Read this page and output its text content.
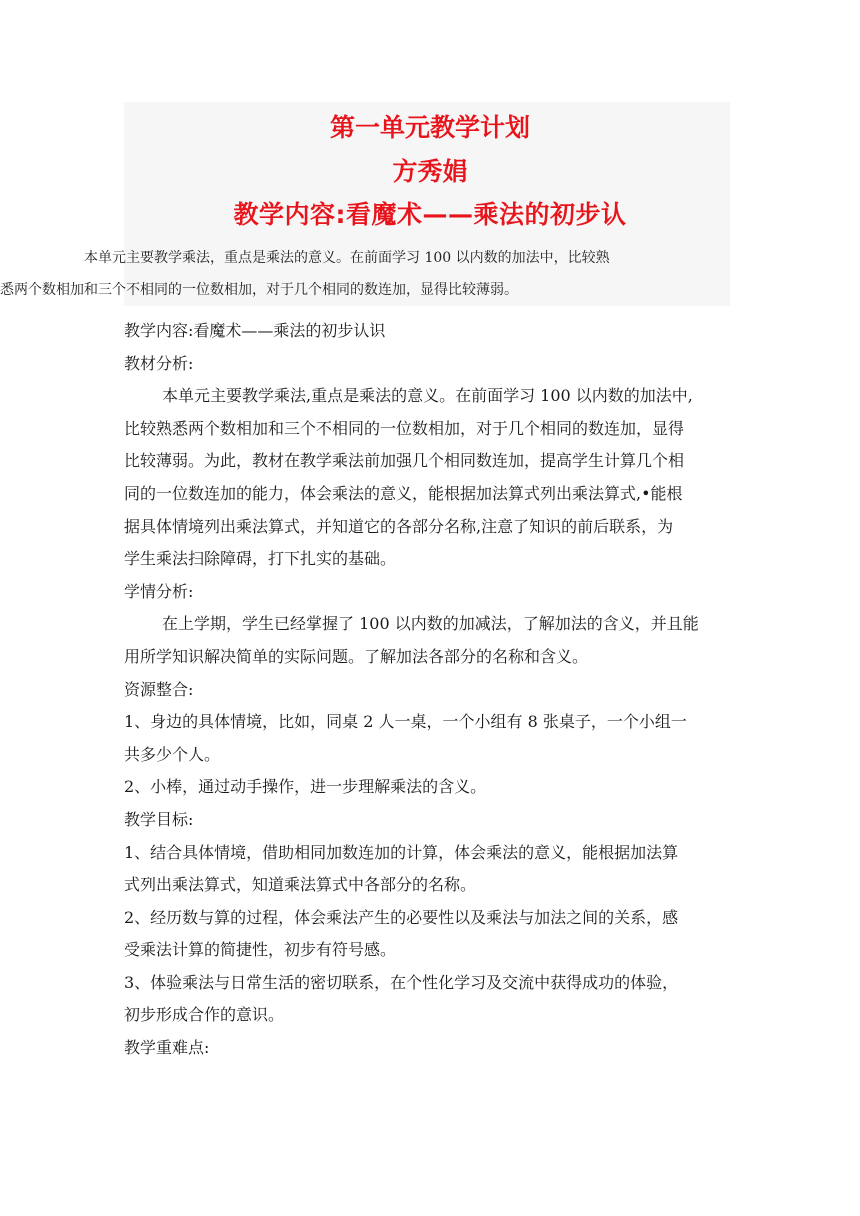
第一单元教学计划
方秀娟
教学内容:看魔术——乘法的初步认

本单元主要教学乘法，重点是乘法的意义。在前面学习 100 以内数的加法中，比较熟
悉两个数相加和三个不相同的一位数相加，对于几个相同的数连加，显得比较薄弱。

教学内容:看魔术——乘法的初步认识
教材分析:
本单元主要教学乘法,重点是乘法的意义。在前面学习 100 以内数的加法中,
比较熟悉两个数相加和三个不相同的一位数相加，对于几个相同的数连加，显得
比较薄弱。为此，教材在教学乘法前加强几个相同数连加，提高学生计算几个相
同的一位数连加的能力，体会乘法的意义，能根据加法算式列出乘法算式,•能根
据具体情境列出乘法算式，并知道它的各部分名称,注意了知识的前后联系，为
学生乘法扫除障碍，打下扎实的基础。
学情分析:
在上学期，学生已经掌握了 100 以内数的加减法，了解加法的含义，并且能
用所学知识解决简单的实际问题。了解加法各部分的名称和含义。
资源整合:
1、身边的具体情境，比如，同桌 2 人一桌，一个小组有 8 张桌子，一个小组一
共多少个人。
2、小棒，通过动手操作，进一步理解乘法的含义。
教学目标:
1、结合具体情境，借助相同加数连加的计算，体会乘法的意义，能根据加法算
式列出乘法算式，知道乘法算式中各部分的名称。
2、经历数与算的过程，体会乘法产生的必要性以及乘法与加法之间的关系，感
受乘法计算的简捷性，初步有符号感。
3、体验乘法与日常生活的密切联系，在个性化学习及交流中获得成功的体验，
初步形成合作的意识。
教学重难点:
